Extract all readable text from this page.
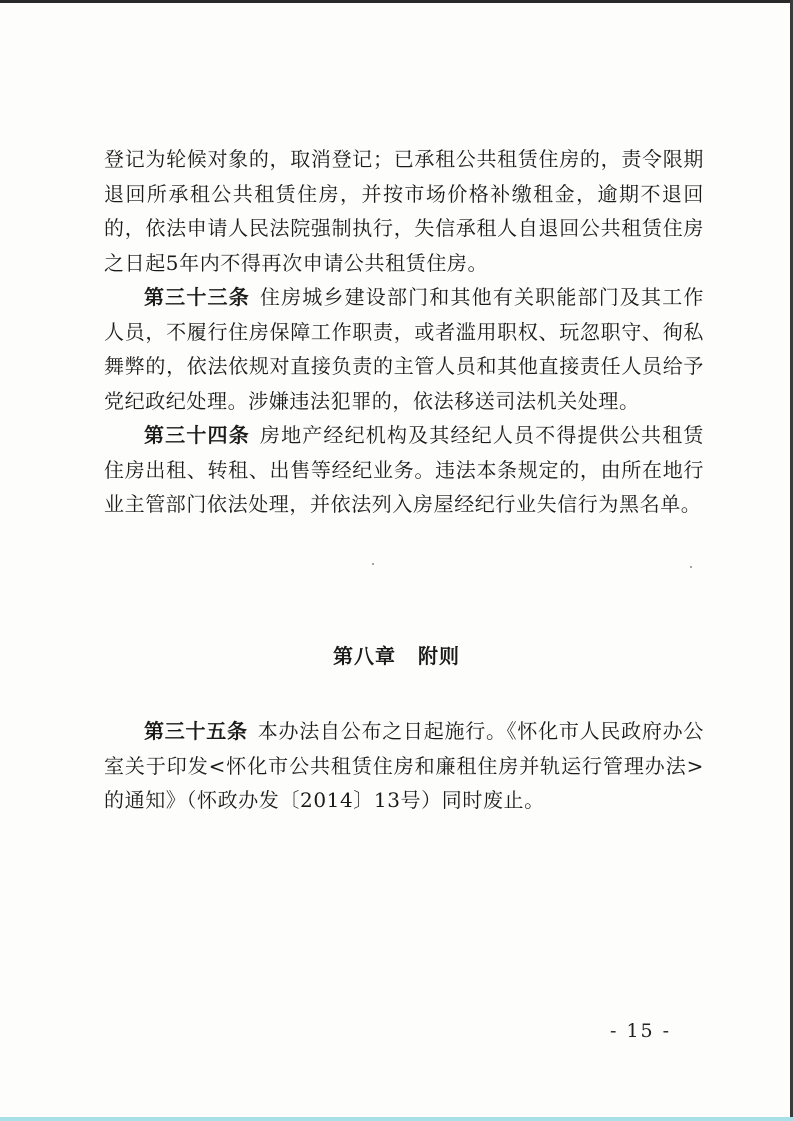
登记为轮候对象的，取消登记；已承租公共租赁住房的，责令限期退回所承租公共租赁住房，并按市场价格补缴租金，逾期不退回的，依法申请人民法院强制执行，失信承租人自退回公共租赁住房之日起5年内不得再次申请公共租赁住房。

第三十三条 住房城乡建设部门和其他有关职能部门及其工作人员，不履行住房保障工作职责，或者滥用职权、玩忽职守、徇私舞弊的，依法依规对直接负责的主管人员和其他直接责任人员给予党纪政纪处理。涉嫌违法犯罪的，依法移送司法机关处理。

第三十四条 房地产经纪机构及其经纪人员不得提供公共租赁住房出租、转租、出售等经纪业务。违法本条规定的，由所在地行业主管部门依法处理，并依法列入房屋经纪行业失信行为黑名单。

第八章 附则

第三十五条 本办法自公布之日起施行。《怀化市人民政府办公室关于印发<怀化市公共租赁住房和廉租住房并轨运行管理办法>的通知》（怀政办发〔2014〕13号）同时废止。

- 15 -
